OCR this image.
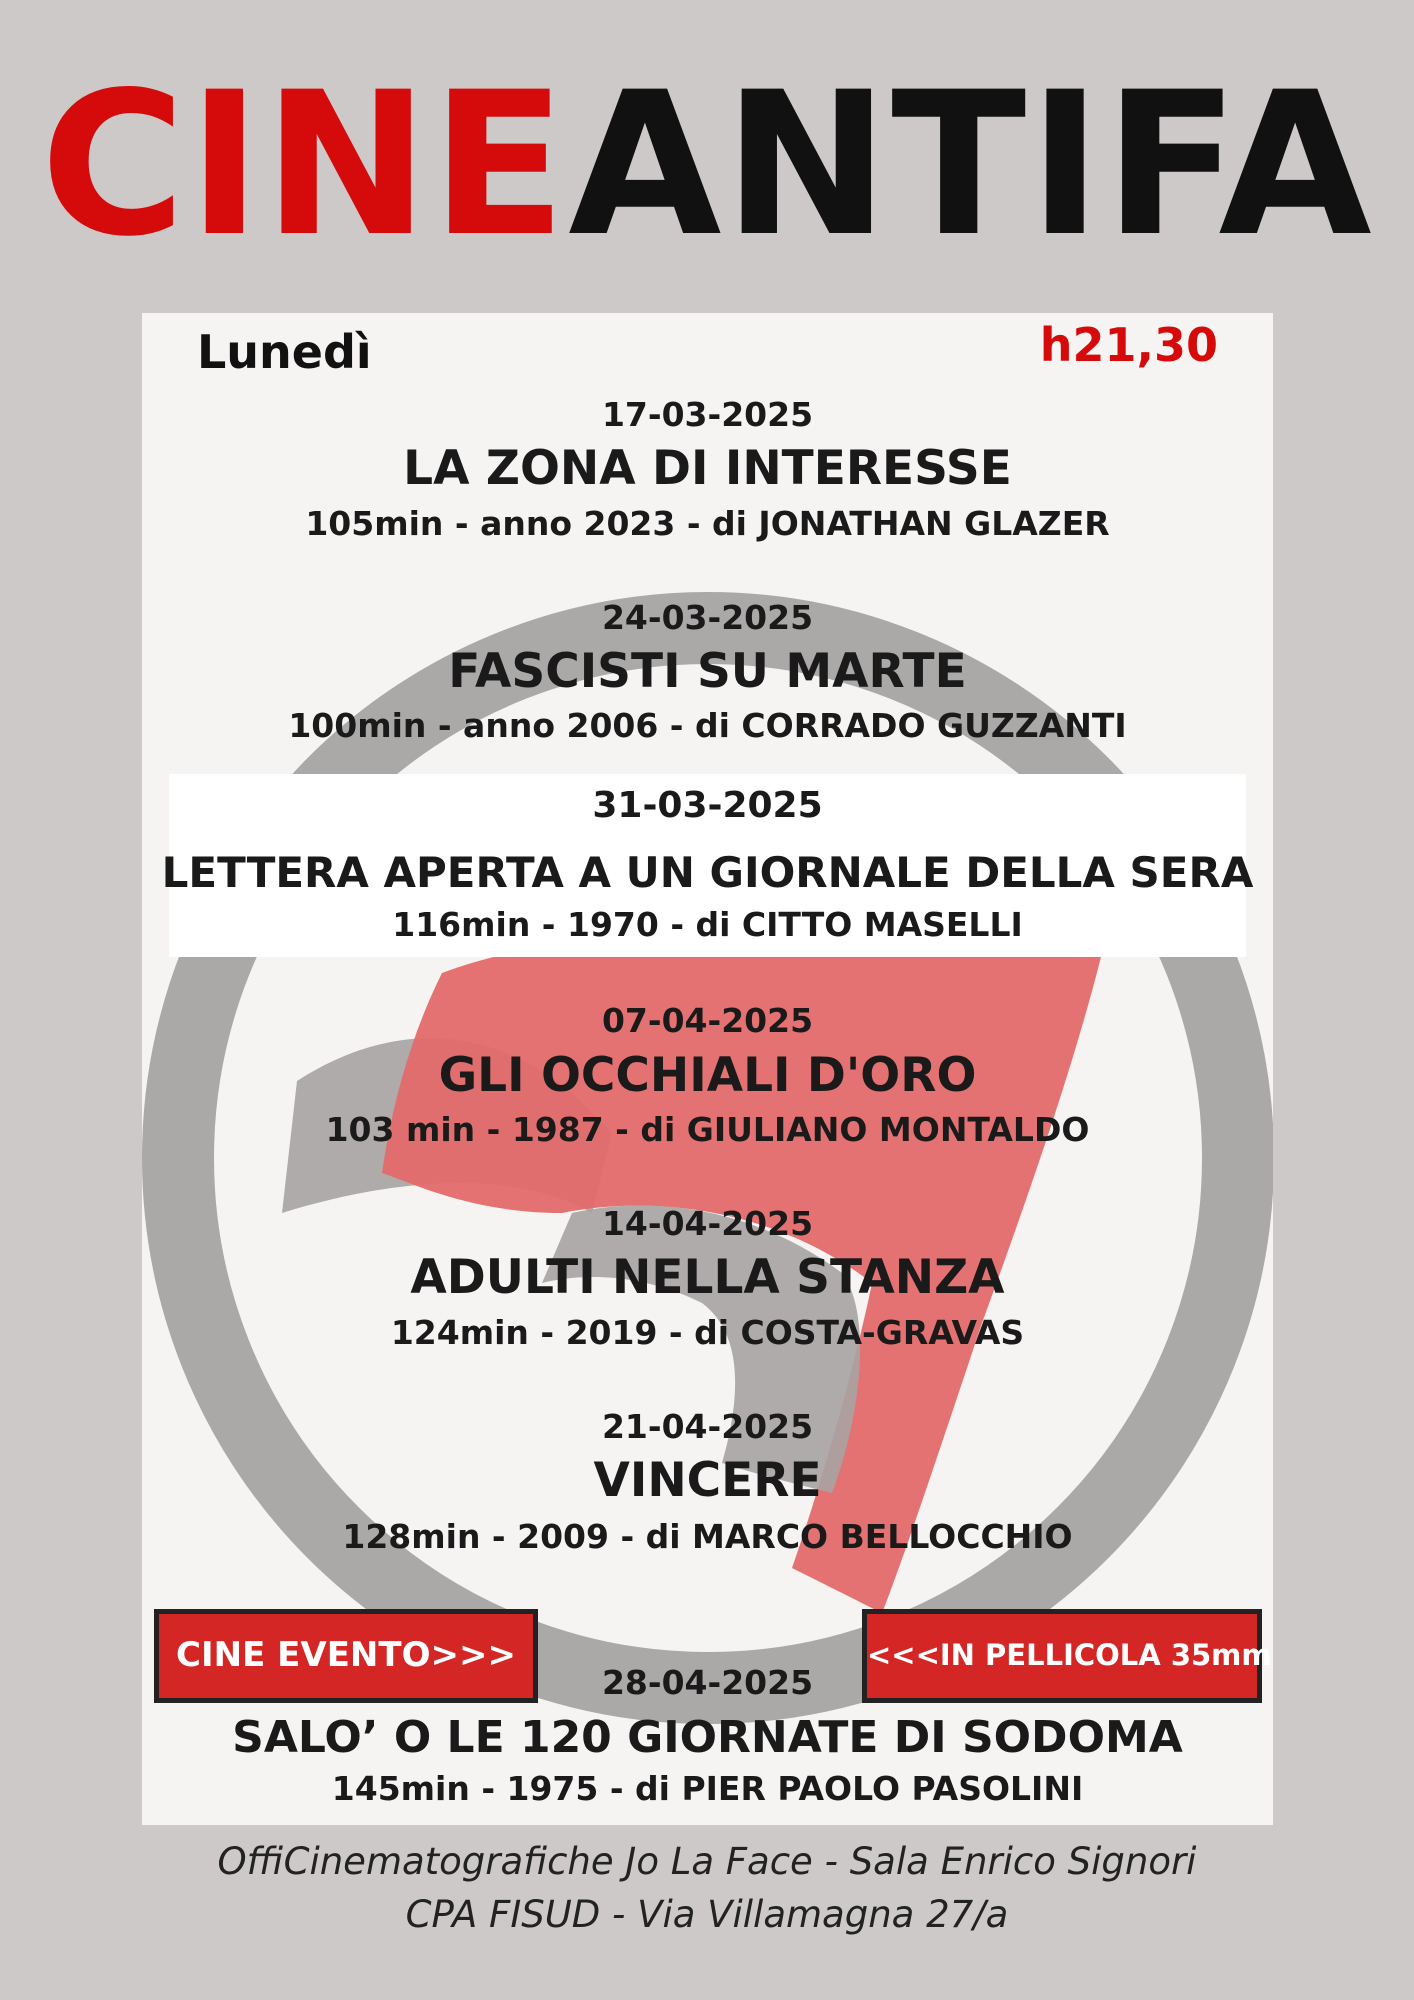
CINEANTIFA
Lunedì	h21,30
17-03-2025
LA ZONA DI INTERESSE
105min - anno 2023 - di JONATHAN GLAZER
24-03-2025
FASCISTI SU MARTE
100min - anno 2006 - di CORRADO GUZZANTI
31-03-2025
LETTERA APERTA A UN GIORNALE DELLA SERA
116min - 1970 - di CITTO MASELLI
07-04-2025
GLI OCCHIALI D'ORO
103 min - 1987 - di GIULIANO MONTALDO
14-04-2025
ADULTI NELLA STANZA
124min - 2019 - di COSTA-GRAVAS
21-04-2025
VINCERE
128min - 2009 - di MARCO BELLOCCHIO
CINE EVENTO>>>	<<<IN PELLICOLA 35mm
28-04-2025
SALO’ O LE 120 GIORNATE DI SODOMA
145min - 1975 - di PIER PAOLO PASOLINI
OffiCinematografiche Jo La Face - Sala Enrico Signori
CPA FISUD - Via Villamagna 27/a
